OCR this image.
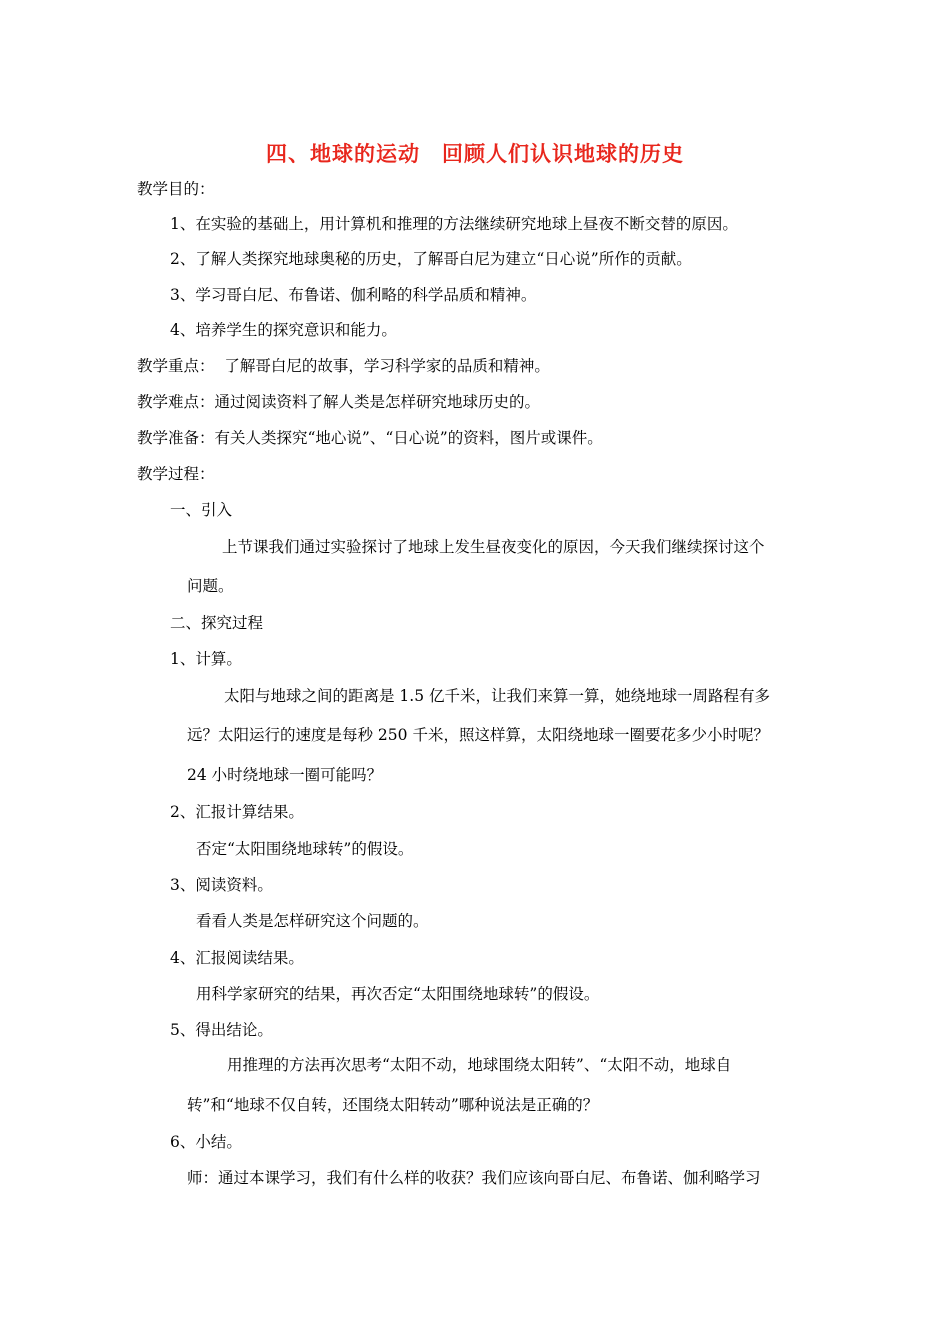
四、地球的运动　回顾人们认识地球的历史
教学目的：
1、在实验的基础上，用计算机和推理的方法继续研究地球上昼夜不断交替的原因。
2、了解人类探究地球奥秘的历史，了解哥白尼为建立“日心说”所作的贡献。
3、学习哥白尼、布鲁诺、伽利略的科学品质和精神。
4、培养学生的探究意识和能力。
教学重点：  了解哥白尼的故事，学习科学家的品质和精神。
教学难点：通过阅读资料了解人类是怎样研究地球历史的。
教学准备：有关人类探究“地心说”、“日心说”的资料，图片或课件。
教学过程：
一、引入
上节课我们通过实验探讨了地球上发生昼夜变化的原因，今天我们继续探讨这个
问题。
二、探究过程
1、计算。
太阳与地球之间的距离是 1.5 亿千米，让我们来算一算，她绕地球一周路程有多
远？太阳运行的速度是每秒 250 千米，照这样算，太阳绕地球一圈要花多少小时呢？
24 小时绕地球一圈可能吗？
2、汇报计算结果。
否定“太阳围绕地球转”的假设。
3、阅读资料。
看看人类是怎样研究这个问题的。
4、汇报阅读结果。
用科学家研究的结果，再次否定“太阳围绕地球转”的假设。
5、得出结论。
用推理的方法再次思考“太阳不动，地球围绕太阳转”、“太阳不动，地球自
转”和“地球不仅自转，还围绕太阳转动”哪种说法是正确的？
6、小结。
师：通过本课学习，我们有什么样的收获？我们应该向哥白尼、布鲁诺、伽利略学习
